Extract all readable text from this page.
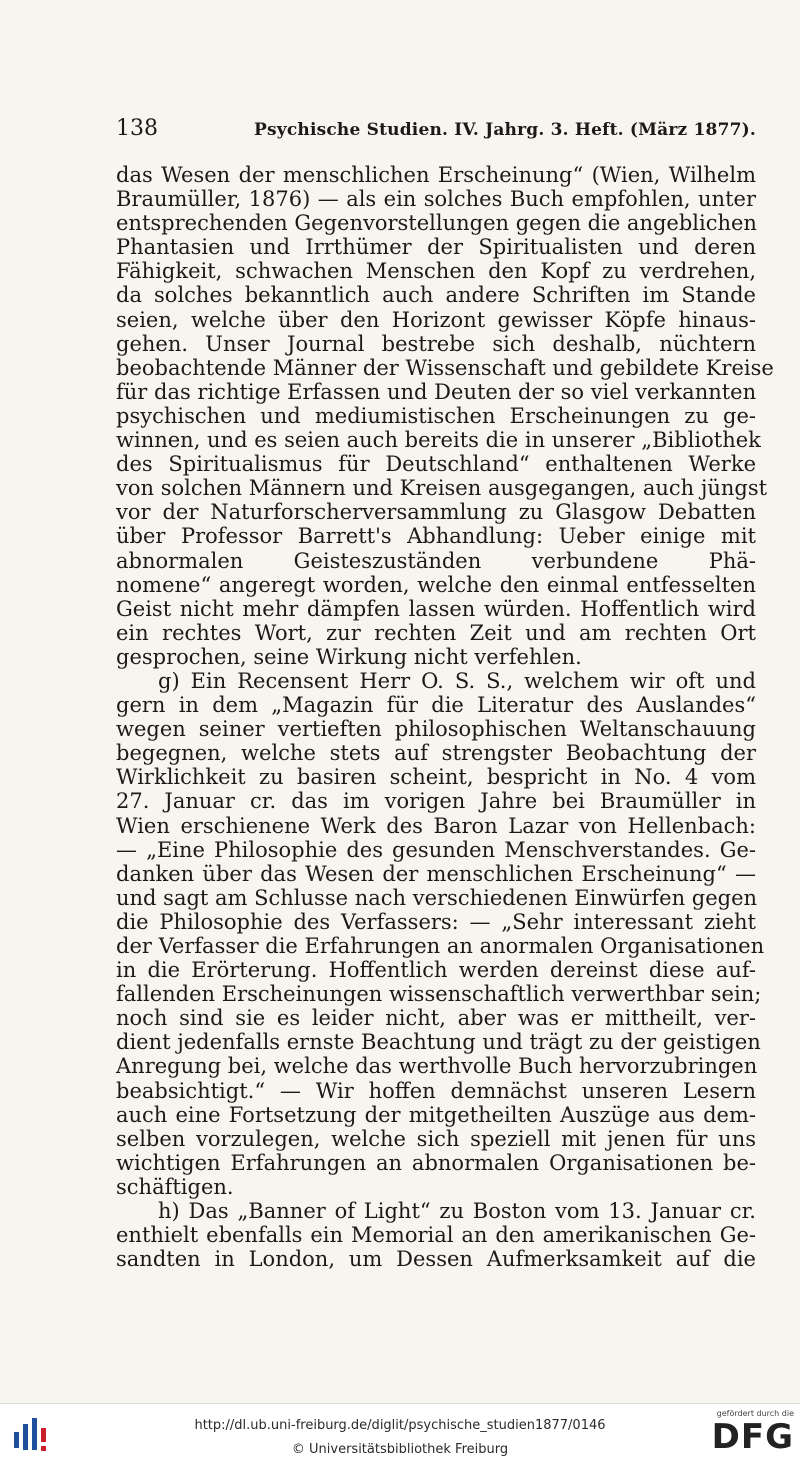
138	Psychische Studien. IV. Jahrg. 3. Heft. (März 1877).
das Wesen der menschlichen Erscheinung“ (Wien, Wilhelm
Braumüller, 1876) — als ein solches Buch empfohlen, unter
entsprechenden Gegenvorstellungen gegen die angeblichen
Phantasien und Irrthümer der Spiritualisten und deren
Fähigkeit, schwachen Menschen den Kopf zu verdrehen,
da solches bekanntlich auch andere Schriften im Stande
seien, welche über den Horizont gewisser Köpfe hinaus-
gehen. Unser Journal bestrebe sich deshalb, nüchtern
beobachtende Männer der Wissenschaft und gebildete Kreise
für das richtige Erfassen und Deuten der so viel verkannten
psychischen und mediumistischen Erscheinungen zu ge-
winnen, und es seien auch bereits die in unserer „Bibliothek
des Spiritualismus für Deutschland“ enthaltenen Werke
von solchen Männern und Kreisen ausgegangen, auch jüngst
vor der Naturforscherversammlung zu Glasgow Debatten
über Professor Barrett's Abhandlung: Ueber einige mit
abnormalen Geisteszuständen verbundene Phä-
nomene“ angeregt worden, welche den einmal entfesselten
Geist nicht mehr dämpfen lassen würden. Hoffentlich wird
ein rechtes Wort, zur rechten Zeit und am rechten Ort
gesprochen, seine Wirkung nicht verfehlen.
g) Ein Recensent Herr O. S. S., welchem wir oft und
gern in dem „Magazin für die Literatur des Auslandes“
wegen seiner vertieften philosophischen Weltanschauung
begegnen, welche stets auf strengster Beobachtung der
Wirklichkeit zu basiren scheint, bespricht in No. 4 vom
27. Januar cr. das im vorigen Jahre bei Braumüller in
Wien erschienene Werk des Baron Lazar von Hellenbach:
— „Eine Philosophie des gesunden Menschverstandes. Ge-
danken über das Wesen der menschlichen Erscheinung“ —
und sagt am Schlusse nach verschiedenen Einwürfen gegen
die Philosophie des Verfassers: — „Sehr interessant zieht
der Verfasser die Erfahrungen an anormalen Organisationen
in die Erörterung. Hoffentlich werden dereinst diese auf-
fallenden Erscheinungen wissenschaftlich verwerthbar sein;
noch sind sie es leider nicht, aber was er mittheilt, ver-
dient jedenfalls ernste Beachtung und trägt zu der geistigen
Anregung bei, welche das werthvolle Buch hervorzubringen
beabsichtigt.“ — Wir hoffen demnächst unseren Lesern
auch eine Fortsetzung der mitgetheilten Auszüge aus dem-
selben vorzulegen, welche sich speziell mit jenen für uns
wichtigen Erfahrungen an abnormalen Organisationen be-
schäftigen.
h) Das „Banner of Light“ zu Boston vom 13. Januar cr.
enthielt ebenfalls ein Memorial an den amerikanischen Ge-
sandten in London, um Dessen Aufmerksamkeit auf die
http://dl.ub.uni-freiburg.de/diglit/psychische_studien1877/0146
© Universitätsbibliothek Freiburg
gefördert durch die
DFG
